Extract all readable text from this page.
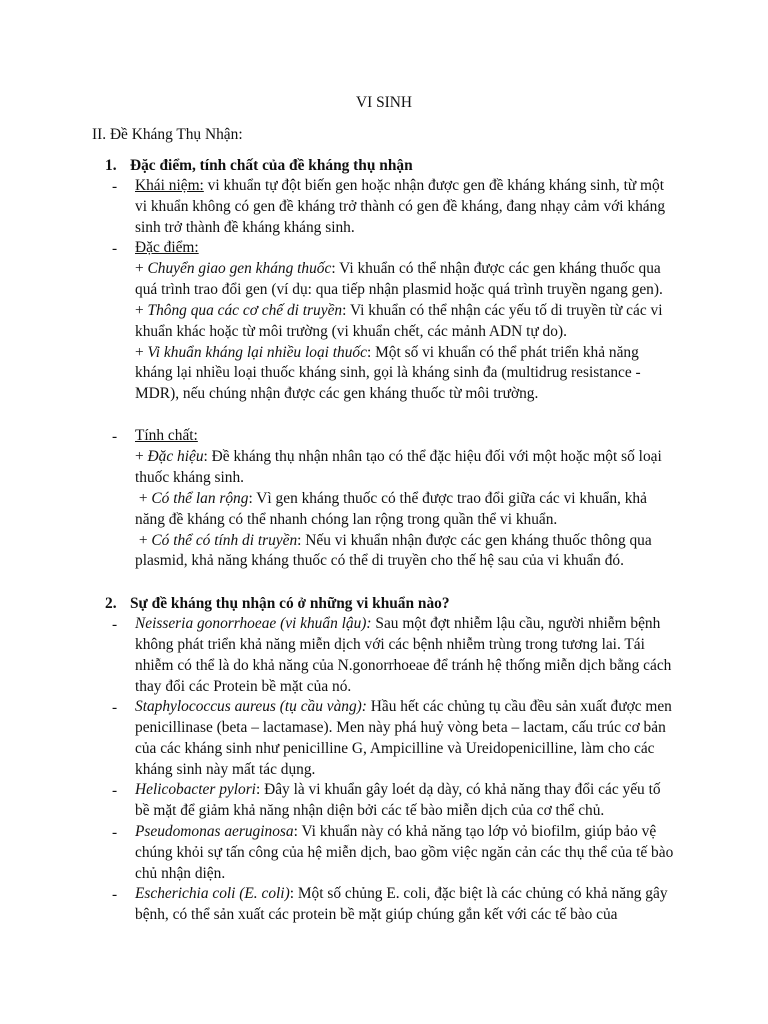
VI SINH
II. Đề Kháng Thụ Nhận:
1. Đặc điểm, tính chất của đề kháng thụ nhận
- Khái niệm: vi khuẩn tự đột biến gen hoặc nhận được gen đề kháng kháng sinh, từ một vi khuẩn không có gen đề kháng trở thành có gen đề kháng, đang nhạy cảm với kháng sinh trở thành đề kháng kháng sinh.
- Đặc điểm:
+ Chuyển giao gen kháng thuốc: Vi khuẩn có thể nhận được các gen kháng thuốc qua quá trình trao đổi gen (ví dụ: qua tiếp nhận plasmid hoặc quá trình truyền ngang gen).
+ Thông qua các cơ chế di truyền: Vi khuẩn có thể nhận các yếu tố di truyền từ các vi khuẩn khác hoặc từ môi trường (vi khuẩn chết, các mảnh ADN tự do).
+ Vi khuẩn kháng lại nhiều loại thuốc: Một số vi khuẩn có thể phát triển khả năng kháng lại nhiều loại thuốc kháng sinh, gọi là kháng sinh đa (multidrug resistance - MDR), nếu chúng nhận được các gen kháng thuốc từ môi trường.
- Tính chất:
+ Đặc hiệu: Đề kháng thụ nhận nhân tạo có thể đặc hiệu đối với một hoặc một số loại thuốc kháng sinh.
+ Có thể lan rộng: Vì gen kháng thuốc có thể được trao đổi giữa các vi khuẩn, khả năng đề kháng có thể nhanh chóng lan rộng trong quần thể vi khuẩn.
+ Có thể có tính di truyền: Nếu vi khuẩn nhận được các gen kháng thuốc thông qua plasmid, khả năng kháng thuốc có thể di truyền cho thế hệ sau của vi khuẩn đó.
2. Sự đề kháng thụ nhận có ở những vi khuẩn nào?
- Neisseria gonorrhoeae (vi khuẩn lậu): Sau một đợt nhiễm lậu cầu, người nhiễm bệnh không phát triển khả năng miễn dịch với các bệnh nhiễm trùng trong tương lai. Tái nhiễm có thể là do khả năng của N.gonorrhoeae để tránh hệ thống miễn dịch bằng cách thay đổi các Protein bề mặt của nó.
- Staphylococcus aureus (tụ cầu vàng): Hầu hết các chủng tụ cầu đều sản xuất được men penicillinase (beta – lactamase). Men này phá huỷ vòng beta – lactam, cấu trúc cơ bản của các kháng sinh như penicilline G, Ampicilline và Ureidopenicilline, làm cho các kháng sinh này mất tác dụng.
- Helicobacter pylori: Đây là vi khuẩn gây loét dạ dày, có khả năng thay đổi các yếu tố bề mặt để giảm khả năng nhận diện bởi các tế bào miễn dịch của cơ thể chủ.
- Pseudomonas aeruginosa: Vi khuẩn này có khả năng tạo lớp vỏ biofilm, giúp bảo vệ chúng khỏi sự tấn công của hệ miễn dịch, bao gồm việc ngăn cản các thụ thể của tế bào chủ nhận diện.
- Escherichia coli (E. coli): Một số chủng E. coli, đặc biệt là các chủng có khả năng gây bệnh, có thể sản xuất các protein bề mặt giúp chúng gắn kết với các tế bào của
